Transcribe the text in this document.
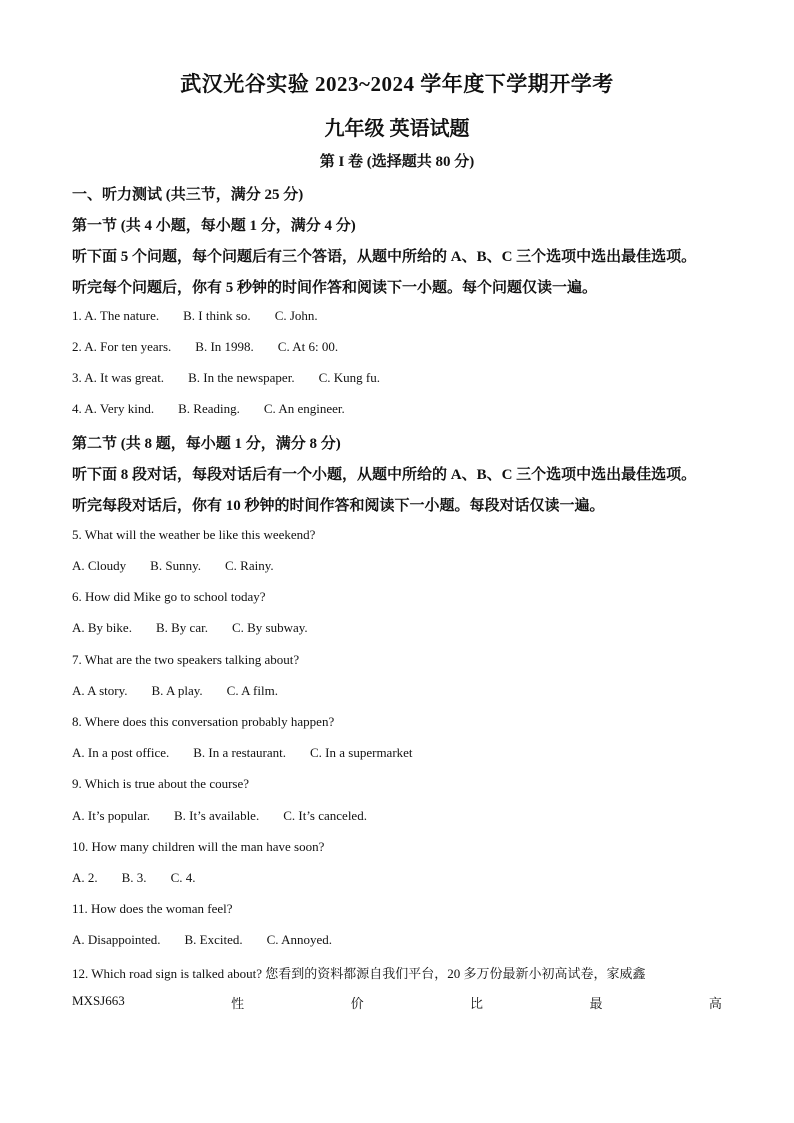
武汉光谷实验 2023~2024 学年度下学期开学考
九年级 英语试题
第 I 卷 (选择题共 80 分)
一、听力测试 (共三节，满分 25 分)
第一节 (共 4 小题，每小题 1 分，满分 4 分)
听下面 5 个问题，每个问题后有三个答语，从题中所给的 A、B、C 三个选项中选出最佳选项。
听完每个问题后，你有 5 秒钟的时间作答和阅读下一小题。每个问题仅读一遍。
1. A. The nature. B. I think so. C. John.
2. A. For ten years. B. In 1998. C. At 6: 00.
3. A. It was great. B. In the newspaper. C. Kung fu.
4. A. Very kind. B. Reading. C. An engineer.
第二节 (共 8 题，每小题 1 分，满分 8 分)
听下面 8 段对话，每段对话后有一个小题，从题中所给的 A、B、C 三个选项中选出最佳选项。
听完每段对话后，你有 10 秒钟的时间作答和阅读下一小题。每段对话仅读一遍。
5. What will the weather be like this weekend?
A. Cloudy B. Sunny. C. Rainy.
6. How did Mike go to school today?
A. By bike. B. By car. C. By subway.
7. What are the two speakers talking about?
A. A story. B. A play. C. A film.
8. Where does this conversation probably happen?
A. In a post office. B. In a restaurant. C. In a supermarket
9. Which is true about the course?
A. It’s popular. B. It’s available. C. It’s canceled.
10. How many children will the man have soon?
A. 2. B. 3. C. 4.
11. How does the woman feel?
A. Disappointed. B. Excited. C. Annoyed.
12. Which road sign is talked about? 您看到的资料都源自我们平台，20 多万份最新小初高试卷，家威鑫
MXSJ663	性	价	比	最	高
